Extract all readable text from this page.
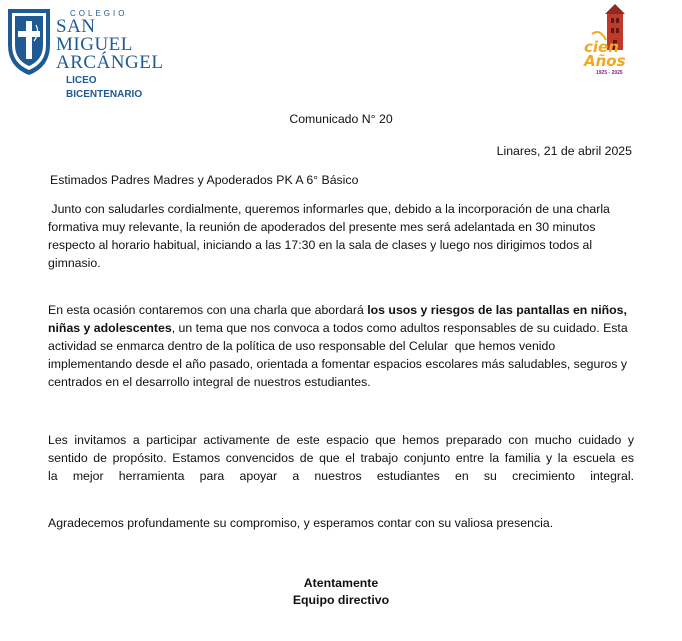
COLEGIO
SAN MIGUEL
ARCÁNGEL
LICEO
BICENTENARIO
cien
Años
1925 - 2025
Comunicado N° 20
Linares, 21 de abril 2025
Estimados Padres Madres y Apoderados PK A 6° Básico
Junto con saludarles cordialmente, queremos informarles que, debido a la incorporación de una charla formativa muy relevante, la reunión de apoderados del presente mes será adelantada en 30 minutos respecto al horario habitual, iniciando a las 17:30 en la sala de clases y luego nos dirigimos todos al gimnasio.
En esta ocasión contaremos con una charla que abordará los usos y riesgos de las pantallas en niños, niñas y adolescentes, un tema que nos convoca a todos como adultos responsables de su cuidado. Esta actividad se enmarca dentro de la política de uso responsable del Celular  que hemos venido implementando desde el año pasado, orientada a fomentar espacios escolares más saludables, seguros y centrados en el desarrollo integral de nuestros estudiantes.
Les invitamos a participar activamente de este espacio que hemos preparado con mucho cuidado y
sentido de propósito. Estamos convencidos de que el trabajo conjunto entre la familia y la escuela es
la mejor herramienta para apoyar a nuestros estudiantes en su crecimiento integral.
Agradecemos profundamente su compromiso, y esperamos contar con su valiosa presencia.
Atentamente
Equipo directivo
